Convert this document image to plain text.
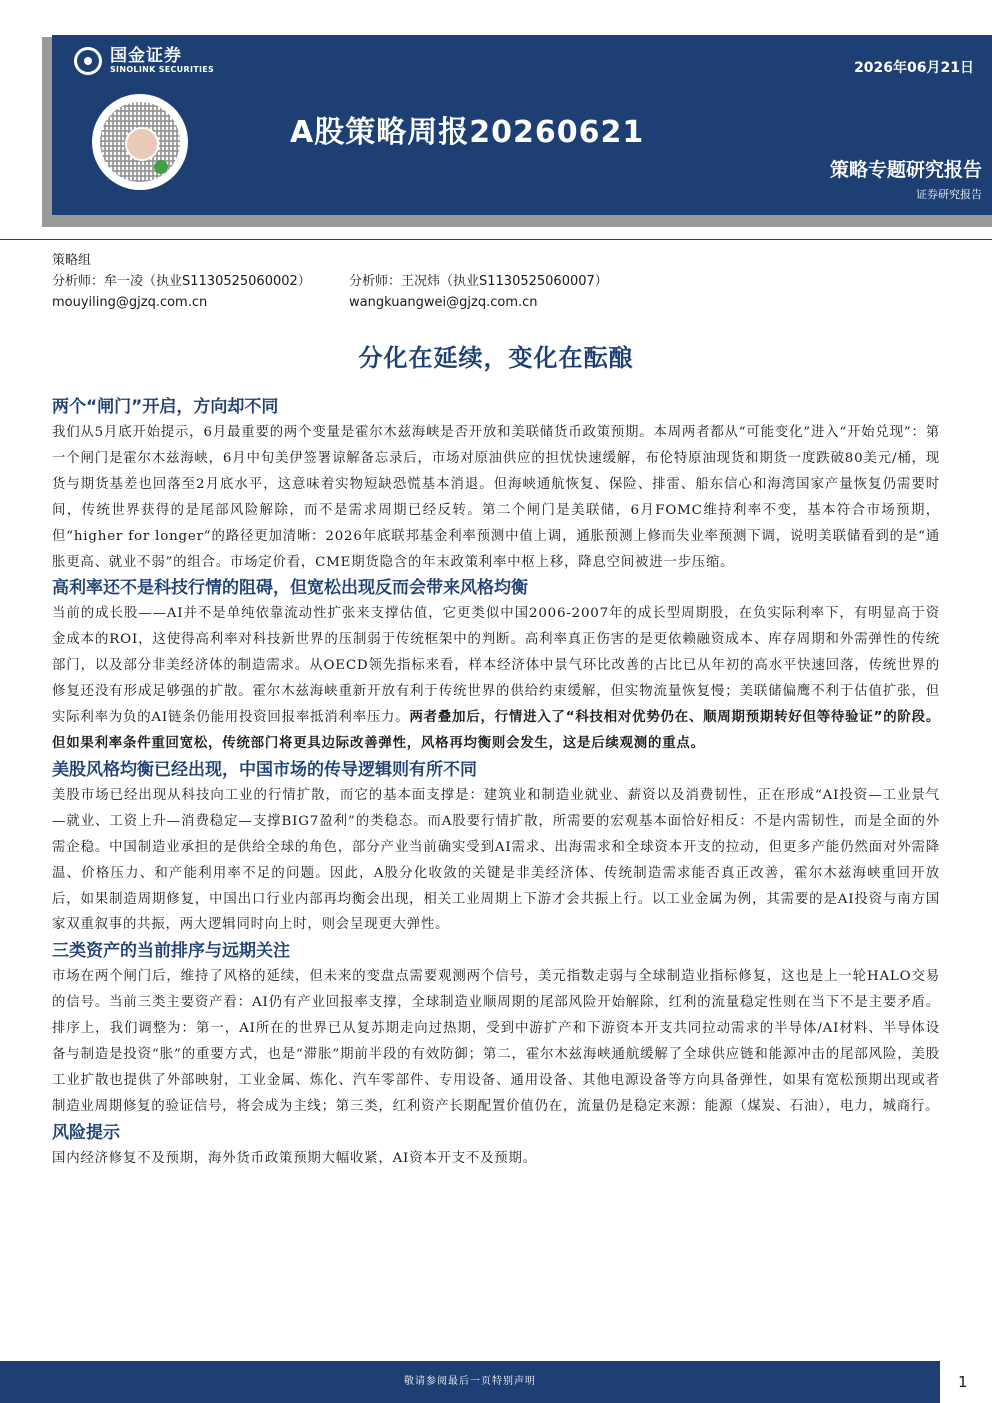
国金证券
SINOLINK SECURITIES	2026年06月21日
A股策略周报20260621
策略专题研究报告
证券研究报告
策略组
分析师：牟一凌（执业S1130525060002）	分析师：王况炜（执业S1130525060007）
mouyiling@gjzq.com.cn	wangkuangwei@gjzq.com.cn
分化在延续，变化在酝酿
两个“闸门”开启，方向却不同

我们从5月底开始提示，6月最重要的两个变量是霍尔木兹海峡是否开放和美联储货币政策预期。本周两者都从“可能变化”进入“开始兑现”：第一个闸门是霍尔木兹海峡，6月中旬美伊签署谅解备忘录后，市场对原油供应的担忧快速缓解，布伦特原油现货和期货一度跌破80美元/桶，现货与期货基差也回落至2月底水平，这意味着实物短缺恐慌基本消退。但海峡通航恢复、保险、排雷、船东信心和海湾国家产量恢复仍需要时间，传统世界获得的是尾部风险解除，而不是需求周期已经反转。第二个闸门是美联储，6月FOMC维持利率不变，基本符合市场预期，但“higher for longer”的路径更加清晰：2026年底联邦基金利率预测中值上调，通胀预测上修而失业率预测下调，说明美联储看到的是“通胀更高、就业不弱”的组合。市场定价看，CME期货隐含的年末政策利率中枢上移，降息空间被进一步压缩。

高利率还不是科技行情的阻碍，但宽松出现反而会带来风格均衡

当前的成长股——AI并不是单纯依靠流动性扩张来支撑估值，它更类似中国2006-2007年的成长型周期股，在负实际利率下，有明显高于资金成本的ROI，这使得高利率对科技新世界的压制弱于传统框架中的判断。高利率真正伤害的是更依赖融资成本、库存周期和外需弹性的传统部门，以及部分非美经济体的制造需求。从OECD领先指标来看，样本经济体中景气环比改善的占比已从年初的高水平快速回落，传统世界的修复还没有形成足够强的扩散。霍尔木兹海峡重新开放有利于传统世界的供给约束缓解，但实物流量恢复慢；美联储偏鹰不利于估值扩张，但实际利率为负的AI链条仍能用投资回报率抵消利率压力。两者叠加后，行情进入了“科技相对优势仍在、顺周期预期转好但等待验证”的阶段。但如果利率条件重回宽松，传统部门将更具边际改善弹性，风格再均衡则会发生，这是后续观测的重点。

美股风格均衡已经出现，中国市场的传导逻辑则有所不同

美股市场已经出现从科技向工业的行情扩散，而它的基本面支撑是：建筑业和制造业就业、薪资以及消费韧性，正在形成“AI投资—工业景气—就业、工资上升—消费稳定—支撑BIG7盈利”的类稳态。而A股要行情扩散，所需要的宏观基本面恰好相反：不是内需韧性，而是全面的外需企稳。中国制造业承担的是供给全球的角色，部分产业当前确实受到AI需求、出海需求和全球资本开支的拉动，但更多产能仍然面对外需降温、价格压力、和产能利用率不足的问题。因此，A股分化收敛的关键是非美经济体、传统制造需求能否真正改善，霍尔木兹海峡重回开放后，如果制造周期修复，中国出口行业内部再均衡会出现，相关工业周期上下游才会共振上行。以工业金属为例，其需要的是AI投资与南方国家双重叙事的共振，两大逻辑同时向上时，则会呈现更大弹性。

三类资产的当前排序与远期关注

市场在两个闸门后，维持了风格的延续，但未来的变盘点需要观测两个信号，美元指数走弱与全球制造业指标修复，这也是上一轮HALO交易的信号。当前三类主要资产看：AI仍有产业回报率支撑，全球制造业顺周期的尾部风险开始解除，红利的流量稳定性则在当下不是主要矛盾。排序上，我们调整为：第一，AI所在的世界已从复苏期走向过热期，受到中游扩产和下游资本开支共同拉动需求的半导体/AI材料、半导体设备与制造是投资“胀”的重要方式，也是“滞胀”期前半段的有效防御；第二，霍尔木兹海峡通航缓解了全球供应链和能源冲击的尾部风险，美股工业扩散也提供了外部映射，工业金属、炼化、汽车零部件、专用设备、通用设备、其他电源设备等方向具备弹性，如果有宽松预期出现或者制造业周期修复的验证信号，将会成为主线；第三类，红利资产长期配置价值仍在，流量仍是稳定来源：能源（煤炭、石油），电力，城商行。

风险提示

国内经济修复不及预期，海外货币政策预期大幅收紧，AI资本开支不及预期。

敬请参阅最后一页特别声明	1
